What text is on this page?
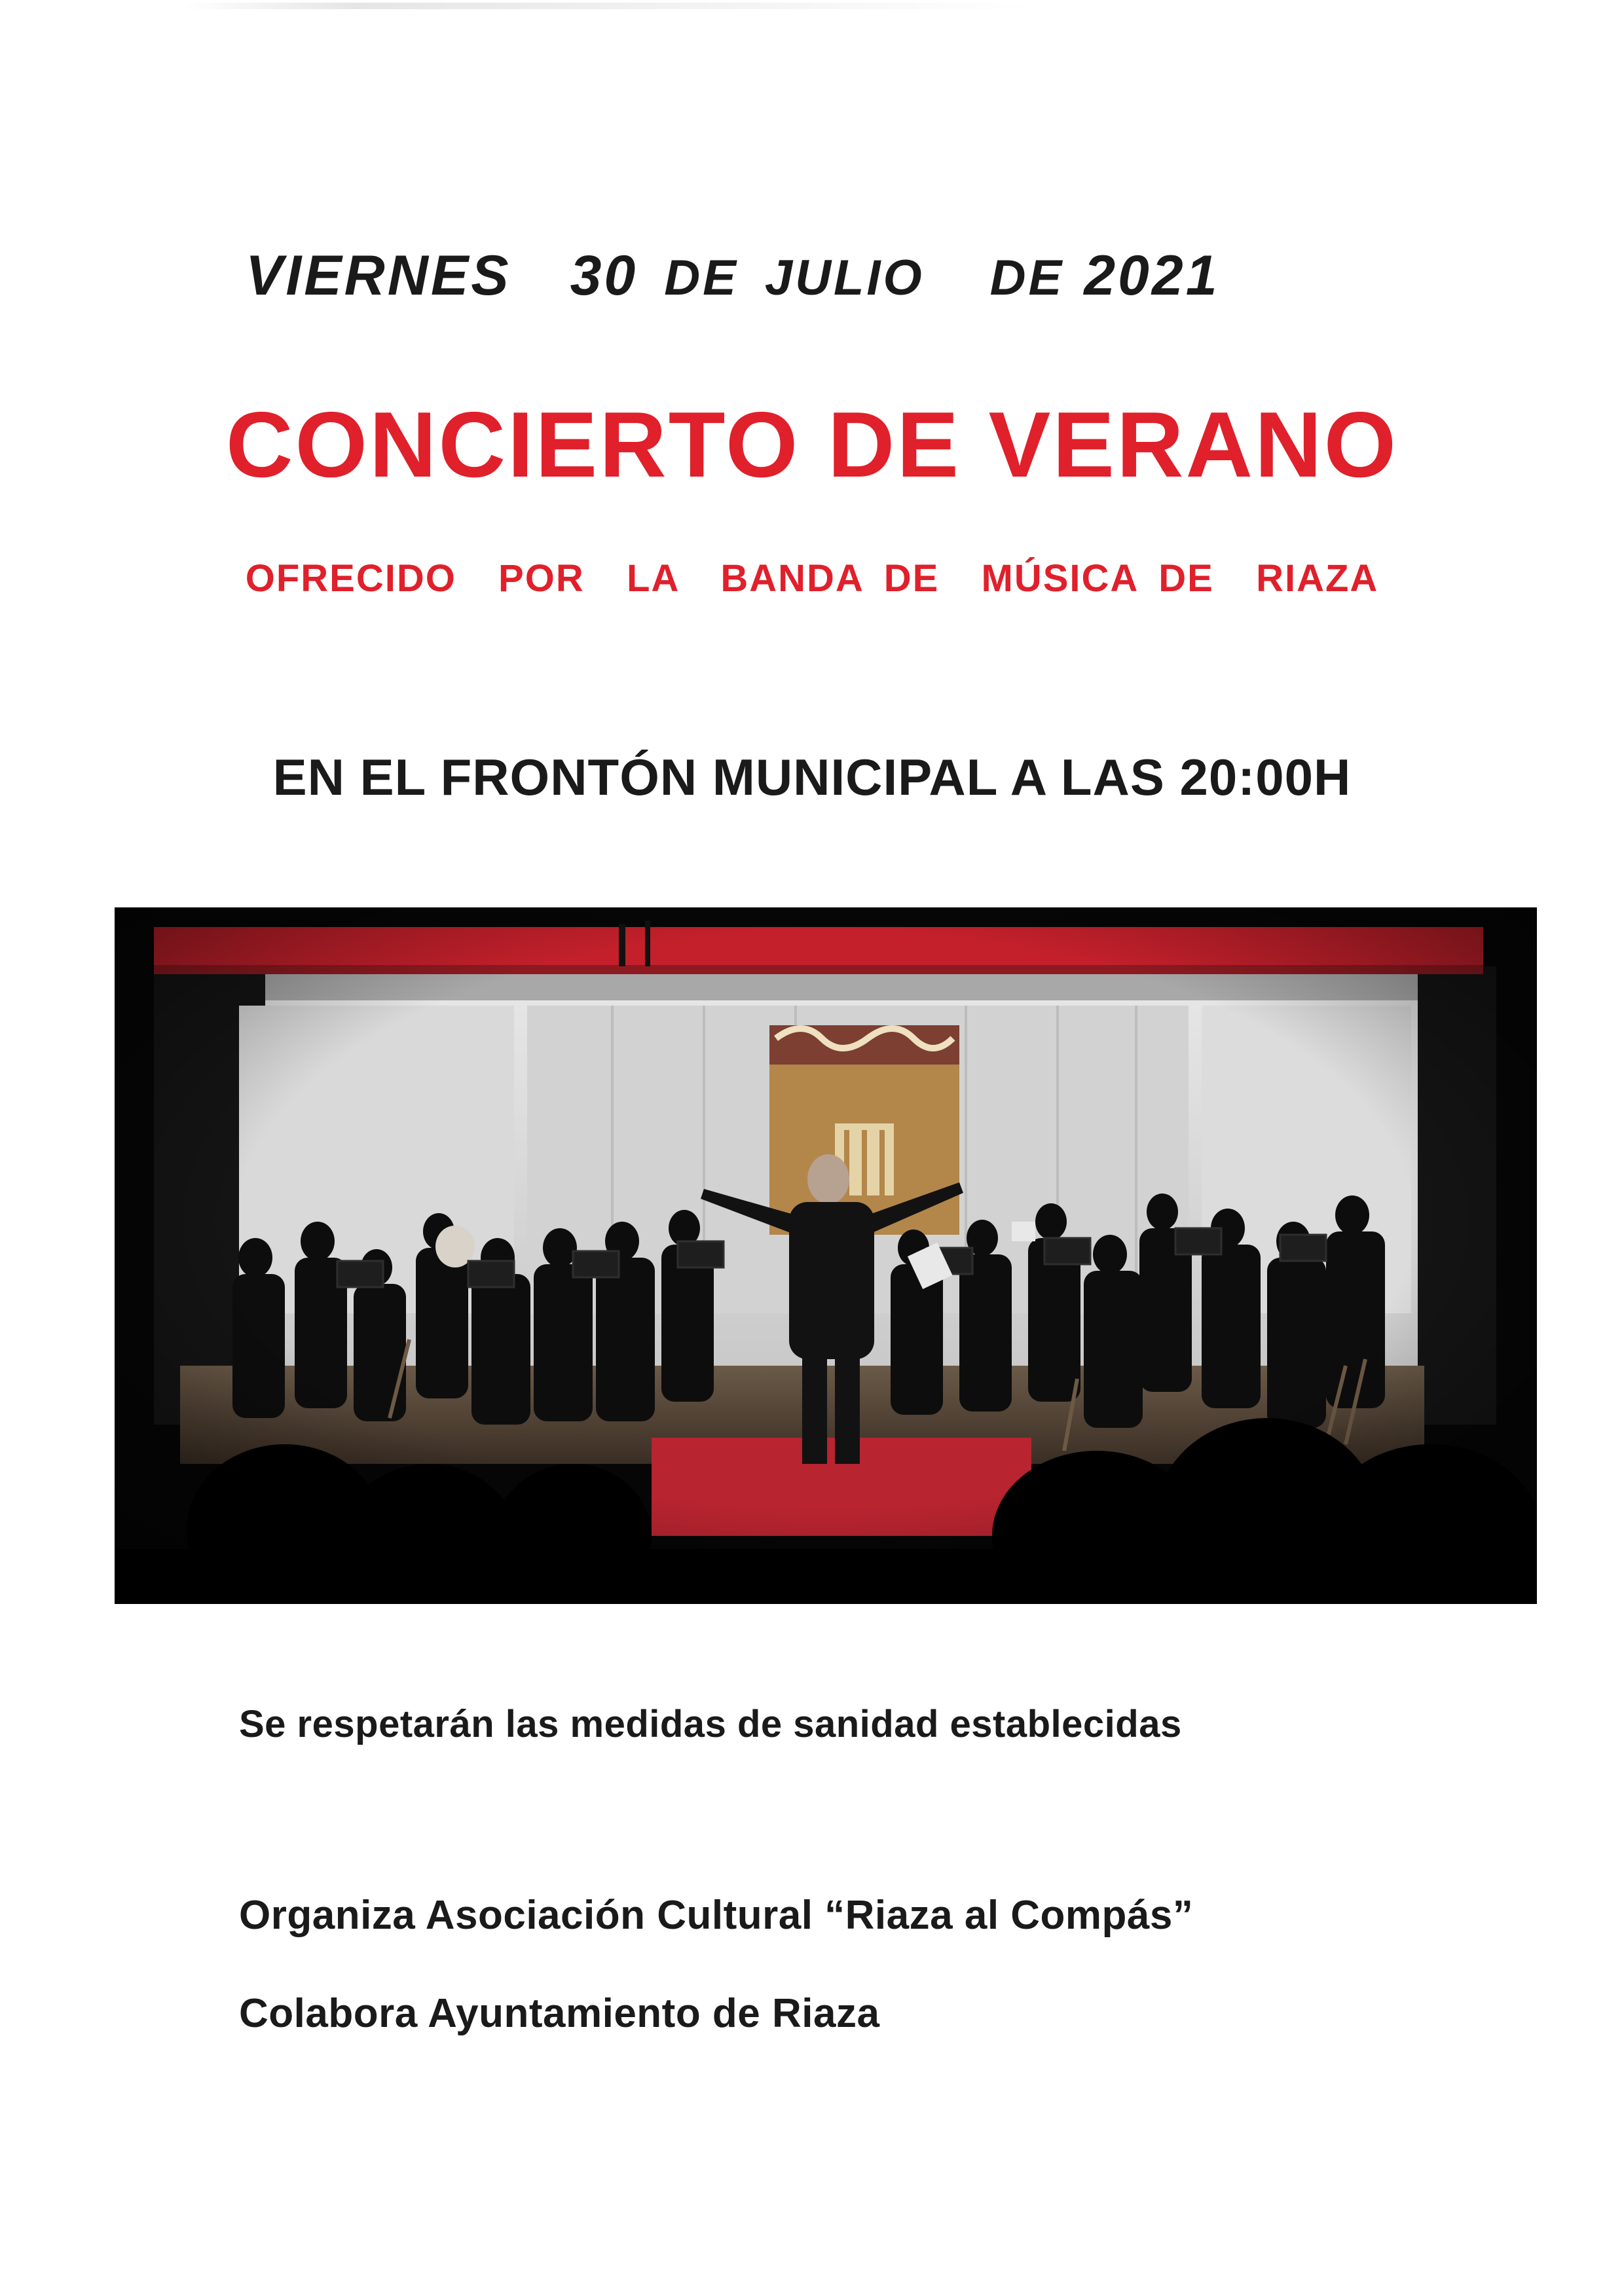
VIERNES 30 DE JULIO DE 2021
CONCIERTO DE VERANO
OFRECIDO  POR  LA  BANDA DE  MÚSICA DE  RIAZA
EN EL FRONTÓN MUNICIPAL A LAS 20:00H
Se respetarán las medidas de sanidad establecidas
Organiza Asociación Cultural “Riaza al Compás”
Colabora Ayuntamiento de Riaza
